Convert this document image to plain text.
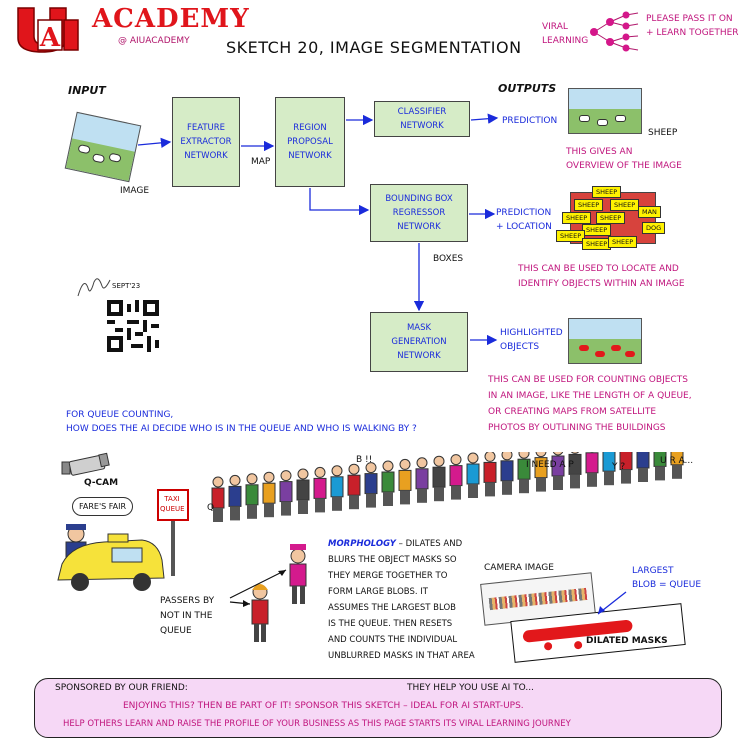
A
ACADEMY
@ AIUACADEMY SKETCH 20, IMAGE SEGMENTATION
VIRAL
LEARNING
PLEASE PASS IT ON
+ LEARN TOGETHER
INPUT	OUTPUTS
IMAGE
FEATURE
EXTRACTOR
NETWORK
MAP
REGION
PROPOSAL
NETWORK
CLASSIFIER
NETWORK
BOUNDING BOX
REGRESSOR
NETWORK
BOXES
MASK
GENERATION
NETWORK
PREDICTION
SHEEP
THIS GIVES AN
OVERVIEW OF THE IMAGE
PREDICTION
+ LOCATION
SHEEP
SHEEP	SHEEP
SHEEP	SHEEP
MAN
SHEEP	DOG
SHEEP
SHEEP SHEEP
THIS CAN BE USED TO LOCATE AND
IDENTIFY OBJECTS WITHIN AN IMAGE
HIGHLIGHTED
OBJECTS
THIS CAN BE USED FOR COUNTING OBJECTS
IN AN IMAGE, LIKE THE LENGTH OF A QUEUE,
OR CREATING MAPS FROM SATELLITE
PHOTOS BY OUTLINING THE BUILDINGS
SEPT'23
FOR QUEUE COUNTING,
HOW DOES THE AI DECIDE WHO IS IN THE QUEUE AND WHO IS WALKING BY ?
Q-CAM
FARE'S FAIR
TAXI
QUEUE Q
B !!	I NEED A P	Y ?
U R A...
PASSERS BY
NOT IN THE
QUEUE
MORPHOLOGY – DILATES AND
BLURS THE OBJECT MASKS SO
THEY MERGE TOGETHER TO
FORM LARGE BLOBS. IT
ASSUMES THE LARGEST BLOB
IS THE QUEUE. THEN RESETS
AND COUNTS THE INDIVIDUAL
UNBLURRED MASKS IN THAT AREA
CAMERA IMAGE	LARGEST
BLOB = QUEUE
DILATED MASKS
SPONSORED BY OUR FRIEND:	THEY HELP YOU USE AI TO...
ENJOYING THIS? THEN BE PART OF IT! SPONSOR THIS SKETCH – IDEAL FOR AI START-UPS.
HELP OTHERS LEARN AND RAISE THE PROFILE OF YOUR BUSINESS AS THIS PAGE STARTS ITS VIRAL LEARNING JOURNEY
